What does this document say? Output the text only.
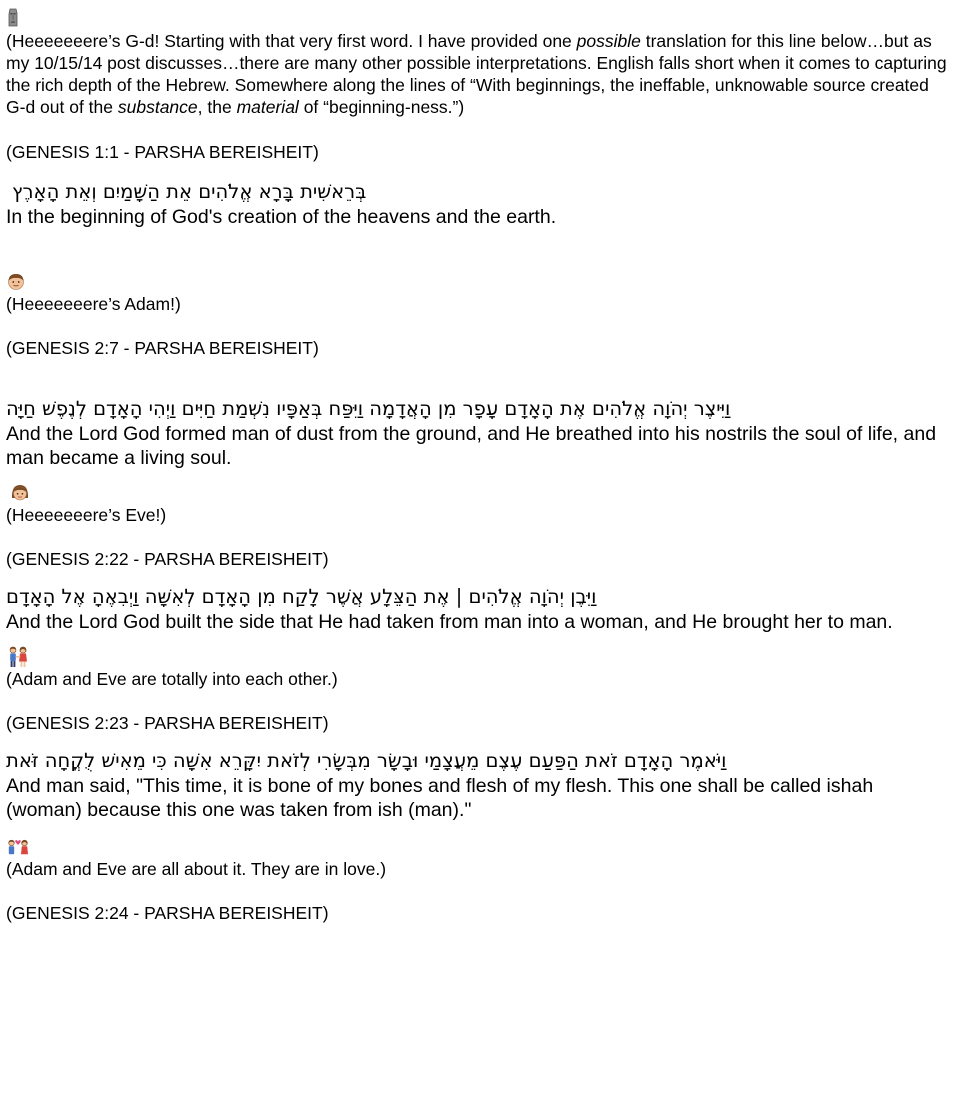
(Heeeeeeere’s G-d! Starting with that very first word. I have provided one possible translation for this line below…but as my 10/15/14 post discusses…there are many other possible interpretations. English falls short when it comes to capturing the rich depth of the Hebrew. Somewhere along the lines of “With beginnings, the ineffable, unknowable source created G-d out of the substance, the material of “beginning-ness.”)

(GENESIS 1:1 - PARSHA BEREISHEIT)

בְּרֵאשִׁית בָּרָא אֱלֹהִים אֵת הַשָּׁמַיִם וְאֵת הָאָרֶץ

In the beginning of God's creation of the heavens and the earth.

(Heeeeeeere’s Adam!)

(GENESIS 2:7 - PARSHA BEREISHEIT)

וַיִּיצֶר יְהֹוָה אֱלֹהִים אֶת הָאָדָם עָפָר מִן הָאֲדָמָה וַיִּפַּח בְּאַפָּיו נִשְׁמַת חַיִּים וַיְהִי הָאָדָם לְנֶפֶשׁ חַיָּה

And the Lord God formed man of dust from the ground, and He breathed into his nostrils the soul of life, and man became a living soul.

(Heeeeeeere’s Eve!)

(GENESIS 2:22 - PARSHA BEREISHEIT)

וַיִּבֶן יְהֹוָה אֱלֹהִים | אֶת הַצֵּלָע אֲשֶׁר לָקַח מִן הָאָדָם לְאִשָּׁה וַיְבִאֶהָ אֶל הָאָדָם

And the Lord God built the side that He had taken from man into a woman, and He brought her to man.

(Adam and Eve are totally into each other.)

(GENESIS 2:23 - PARSHA BEREISHEIT)

וַיֹּאמֶר הָאָדָם זֹאת הַפַּעַם עֶצֶם מֵעֲצָמַי וּבָשָׂר מִבְּשָׂרִי לְזֹאת יִקָּרֵא אִשָּׁה כִּי מֵאִישׁ לֻקֳחָה זֹּאת

And man said, "This time, it is bone of my bones and flesh of my flesh. This one shall be called ishah (woman) because this one was taken from ish (man)."

(Adam and Eve are all about it. They are in love.)

(GENESIS 2:24 - PARSHA BEREISHEIT)
